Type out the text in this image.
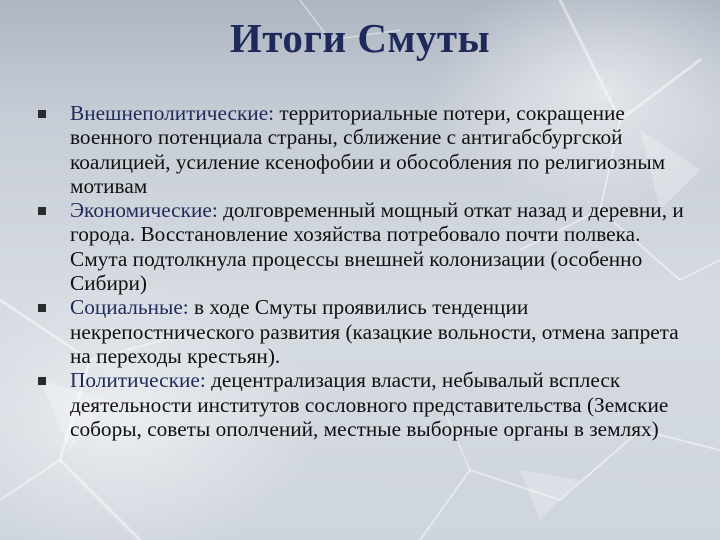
Итоги Смуты
Внешнеполитические: территориальные потери, сокращение военного потенциала страны, сближение с антигабсбургской коалицией, усиление ксенофобии и обособления по религиозным мотивам
Экономические: долговременный мощный откат назад и деревни, и города. Восстановление хозяйства потребовало почти полвека. Смута подтолкнула процессы внешней колонизации (особенно Сибири)
Социальные: в ходе Смуты проявились тенденции некрепостнического развития (казацкие вольности, отмена запрета на переходы крестьян).
Политические: децентрализация власти, небывалый всплеск деятельности институтов сословного представительства (Земские соборы, советы ополчений, местные выборные органы в землях)
